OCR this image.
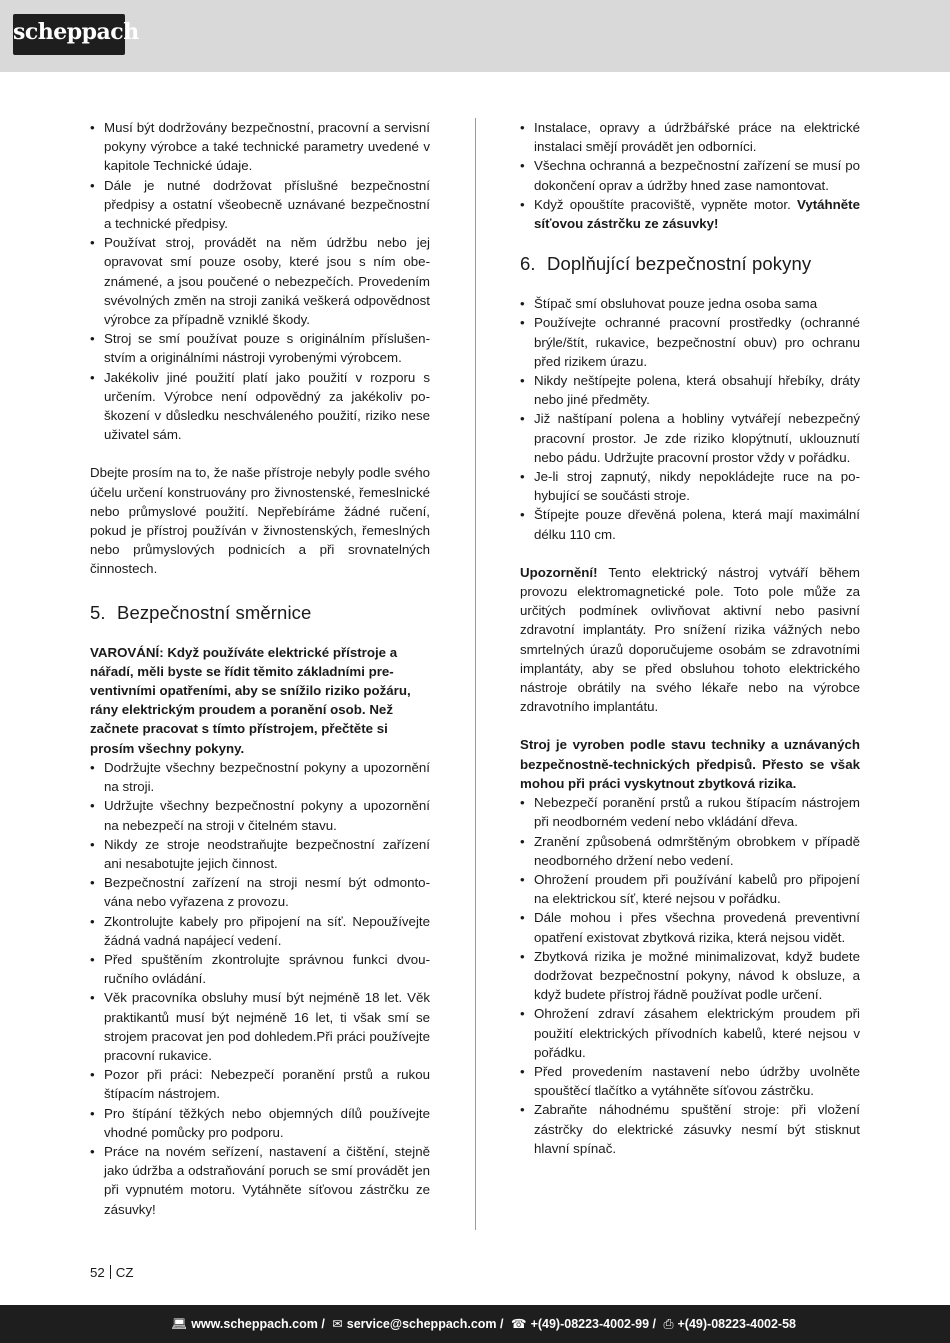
scheppach
• Musí být dodržovány bezpečnostní, pracovní a servisní pokyny výrobce a také technické parametry uvedené v kapitole Technické údaje.
• Dále je nutné dodržovat příslušné bezpečnostní předpisy a ostatní všeobecně uznávané bezpečnostní a technické předpisy.
• Používat stroj, provádět na něm údržbu nebo jej opravovat smí pouze osoby, které jsou s ním obeznámené, a jsou poučené o nebezpečích. Provedením svévolných změn na stroji zaniká veškerá odpovědnost výrobce za případně vzniklé škody.
• Stroj se smí používat pouze s originálním příslušenstvím a originálními nástroji vyrobenými výrobcem.
• Jakékoliv jiné použití platí jako použití v rozporu s určením. Výrobce není odpovědný za jakékoliv poškození v důsledku neschváleného použití, riziko nese uživatel sám.

Dbejte prosím na to, že naše přístroje nebyly podle svého účelu určení konstruovány pro živnostenské, řemeslnické nebo průmyslové použití. Nepřebíráme žádné ručení, pokud je přístroj používán v živnostenských, řemeslných nebo průmyslových podnicích a při srovnatelných činnostech.

5. Bezpečnostní směrnice

VAROVÁNÍ: Když používáte elektrické přístroje a nářadí, měli byste se řídit těmito základními preventivními opatřeními, aby se snížilo riziko požáru, rány elektrickým proudem a poranění osob. Než začnete pracovat s tímto přístrojem, přečtěte si prosím všechny pokyny.

• Dodržujte všechny bezpečnostní pokyny a upozornění na stroji.
• Udržujte všechny bezpečnostní pokyny a upozornění na nebezpečí na stroji v čitelném stavu.
• Nikdy ze stroje neodstraňujte bezpečnostní zařízení ani nesabotujte jejich činnost.
• Bezpečnostní zařízení na stroji nesmí být odmontována nebo vyřazena z provozu.
• Zkontrolujte kabely pro připojení na síť. Nepoužívejte žádná vadná napájecí vedení.
• Před spuštěním zkontrolujte správnou funkci dvouručního ovládání.
• Věk pracovníka obsluhy musí být nejméně 18 let. Věk praktikantů musí být nejméně 16 let, ti však smí se strojem pracovat jen pod dohledem.Při práci používejte pracovní rukavice.
• Pozor při práci: Nebezpečí poranění prstů a rukou štípacím nástrojem.
• Pro štípání těžkých nebo objemných dílů používejte vhodné pomůcky pro podporu.
• Práce na novém seřízení, nastavení a čištění, stejně jako údržba a odstraňování poruch se smí provádět jen při vypnutém motoru. Vytáhněte síťovou zástrčku ze zásuvky!
• Instalace, opravy a údržbářské práce na elektrické instalaci smějí provádět jen odborníci.
• Všechna ochranná a bezpečnostní zařízení se musí po dokončení oprav a údržby hned zase namontovat.
• Když opouštíte pracoviště, vypněte motor. Vytáhněte síťovou zástrčku ze zásuvky!
6. Doplňující bezpečnostní pokyny
• Štípač smí obsluhovat pouze jedna osoba sama
• Používejte ochranné pracovní prostředky (ochranné brýle/štít, rukavice, bezpečnostní obuv) pro ochranu před rizikem úrazu.
• Nikdy neštípejte polena, která obsahují hřebíky, dráty nebo jiné předměty.
• Již naštípaní polena a hobliny vytvářejí nebezpečný pracovní prostor. Je zde riziko klopýtnutí, uklouznutí nebo pádu. Udržujte pracovní prostor vždy v pořádku.
• Je-li stroj zapnutý, nikdy nepokládejte ruce na pohybující se součásti stroje.
• Štípejte pouze dřevěná polena, která mají maximální délku 110 cm.

Upozornění! Tento elektrický nástroj vytváří během provozu elektromagnetické pole. Toto pole může za určitých podmínek ovlivňovat aktivní nebo pasivní zdravotní implantáty. Pro snížení rizika vážných nebo smrtelných úrazů doporučujeme osobám se zdravotními implantáty, aby se před obsluhou tohoto elektrického nástroje obrátily na svého lékaře nebo na výrobce zdravotního implantátu.

Stroj je vyroben podle stavu techniky a uznávaných bezpečnostně-technických předpisů. Přesto se však mohou při práci vyskytnout zbytková rizika.

• Nebezpečí poranění prstů a rukou štípacím nástrojem při neodborném vedení nebo vkládání dřeva.
• Zranění způsobená odmrštěným obrobkem v případě neodborného držení nebo vedení.
• Ohrožení proudem při používání kabelů pro připojení na elektrickou síť, které nejsou v pořádku.
• Dále mohou i přes všechna provedená preventivní opatření existovat zbytková rizika, která nejsou vidět.
• Zbytková rizika je možné minimalizovat, když budete dodržovat bezpečnostní pokyny, návod k obsluze, a když budete přístroj řádně používat podle určení.
• Ohrožení zdraví zásahem elektrickým proudem při použití elektrických přívodních kabelů, které nejsou v pořádku.
• Před provedením nastavení nebo údržby uvolněte spouštěcí tlačítko a vytáhněte síťovou zástrčku.
• Zabraňte náhodnému spuštění stroje: při vložení zástrčky do elektrické zásuvky nesmí být stisknut hlavní spínač.
52 CZ
💻︎ www.scheppach.com / ✉ service@scheppach.com / ☎ +(49)-08223-4002-99 / ⎙ +(49)-08223-4002-58
